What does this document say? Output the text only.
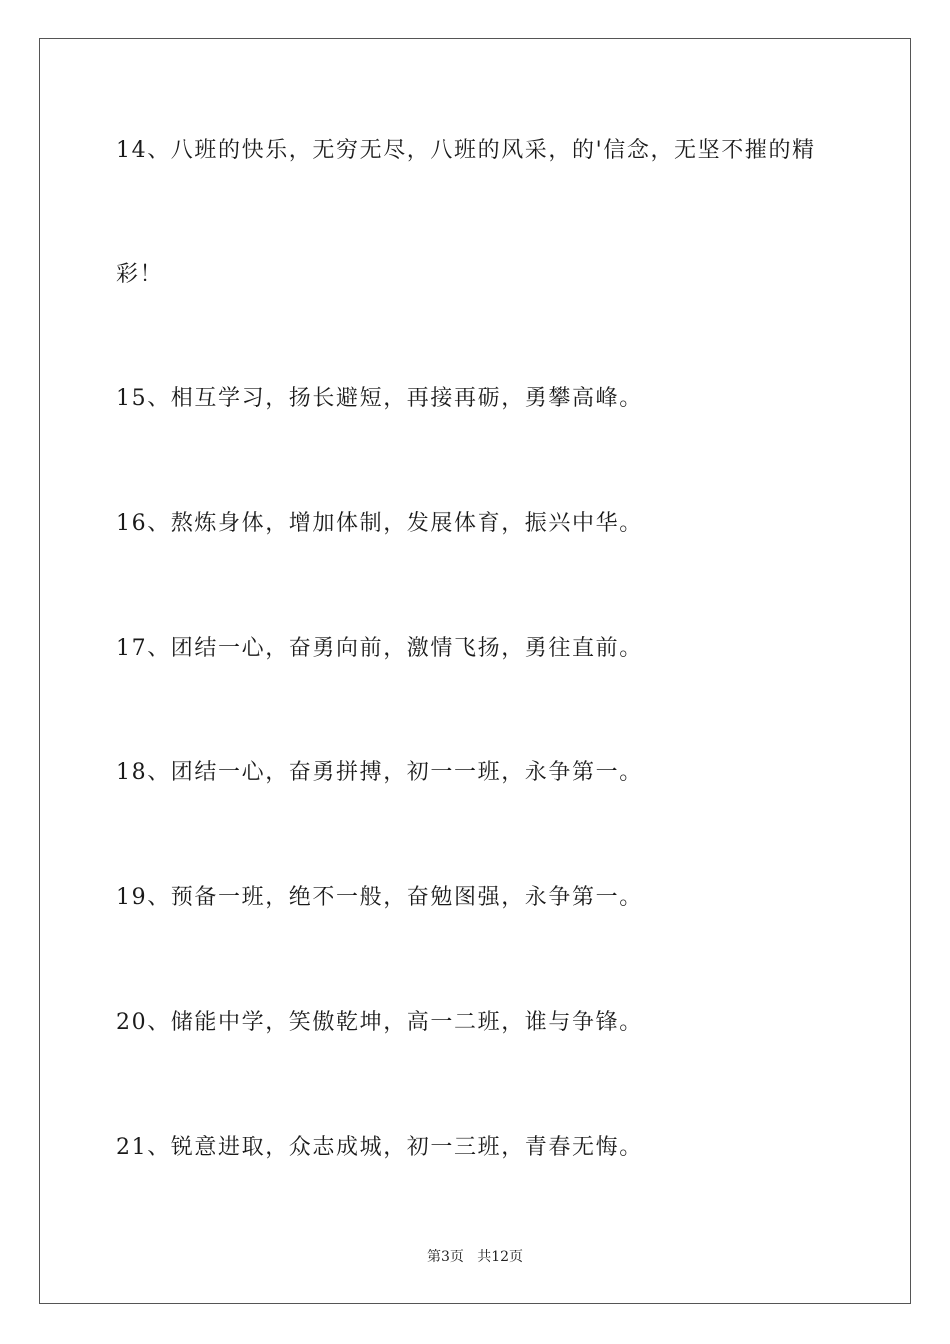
14、八班的快乐，无穷无尽，八班的风采，的'信念，无坚不摧的精
彩！
15、相互学习，扬长避短，再接再砺，勇攀高峰。
16、熬炼身体，增加体制，发展体育，振兴中华。
17、团结一心，奋勇向前，激情飞扬，勇往直前。
18、团结一心，奋勇拼搏，初一一班，永争第一。
19、预备一班，绝不一般，奋勉图强，永争第一。
20、储能中学，笑傲乾坤，高一二班，谁与争锋。
21、锐意进取，众志成城，初一三班，青春无悔。
第3页   共12页
